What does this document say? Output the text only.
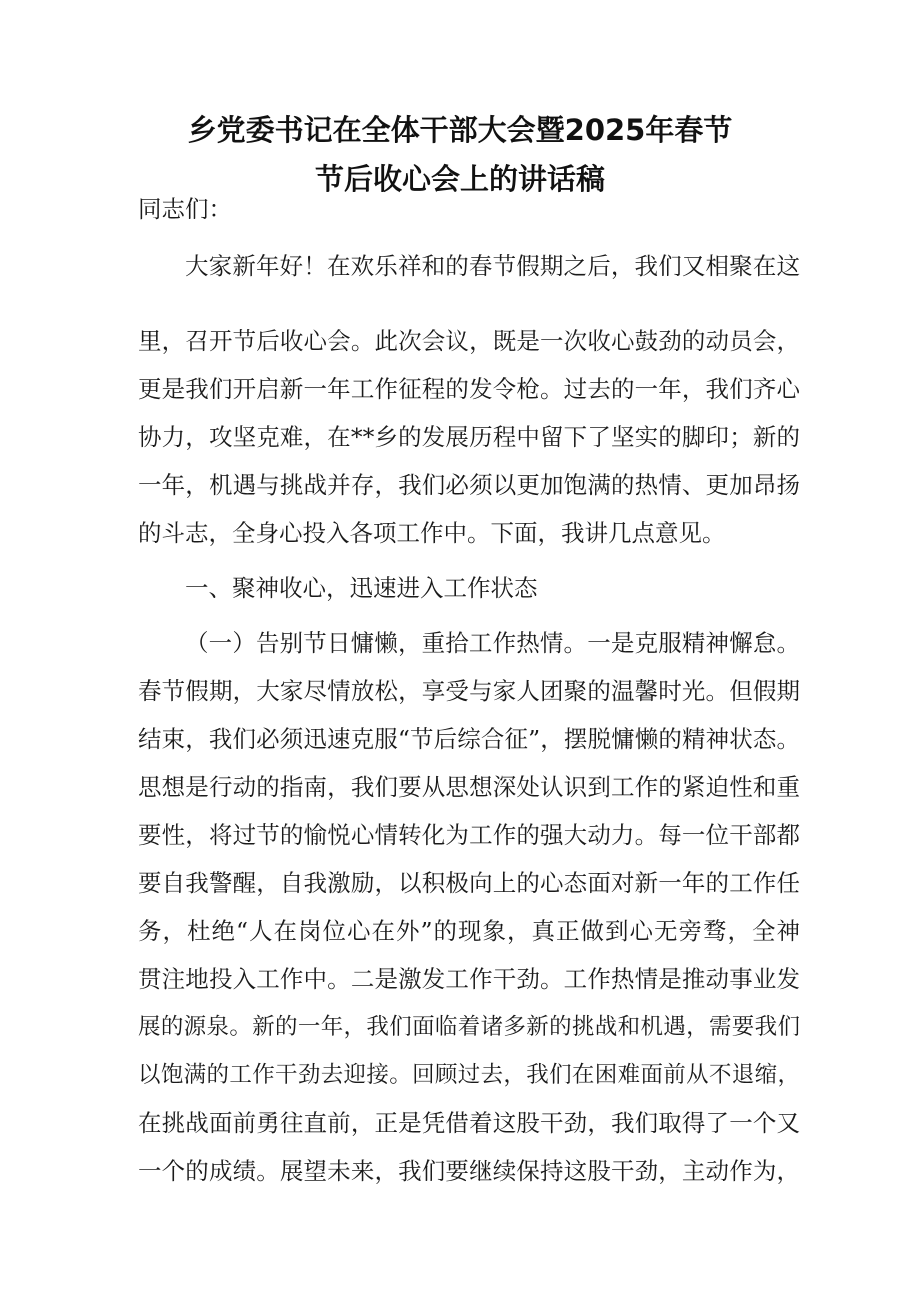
乡党委书记在全体干部大会暨2025年春节
节后收心会上的讲话稿
同志们：
大家新年好！在欢乐祥和的春节假期之后，我们又相聚在这
里，召开节后收心会。此次会议，既是一次收心鼓劲的动员会，
更是我们开启新一年工作征程的发令枪。过去的一年，我们齐心
协力，攻坚克难，在**乡的发展历程中留下了坚实的脚印；新的
一年，机遇与挑战并存，我们必须以更加饱满的热情、更加昂扬
的斗志，全身心投入各项工作中。下面，我讲几点意见。
一、聚神收心，迅速进入工作状态
（一）告别节日慵懒，重拾工作热情。一是克服精神懈怠。
春节假期，大家尽情放松，享受与家人团聚的温馨时光。但假期
结束，我们必须迅速克服“节后综合征”，摆脱慵懒的精神状态。
思想是行动的指南，我们要从思想深处认识到工作的紧迫性和重
要性，将过节的愉悦心情转化为工作的强大动力。每一位干部都
要自我警醒，自我激励，以积极向上的心态面对新一年的工作任
务，杜绝“人在岗位心在外”的现象，真正做到心无旁骛，全神
贯注地投入工作中。二是激发工作干劲。工作热情是推动事业发
展的源泉。新的一年，我们面临着诸多新的挑战和机遇，需要我们
以饱满的工作干劲去迎接。回顾过去，我们在困难面前从不退缩，
在挑战面前勇往直前，正是凭借着这股干劲，我们取得了一个又
一个的成绩。展望未来，我们要继续保持这股干劲，主动作为，
